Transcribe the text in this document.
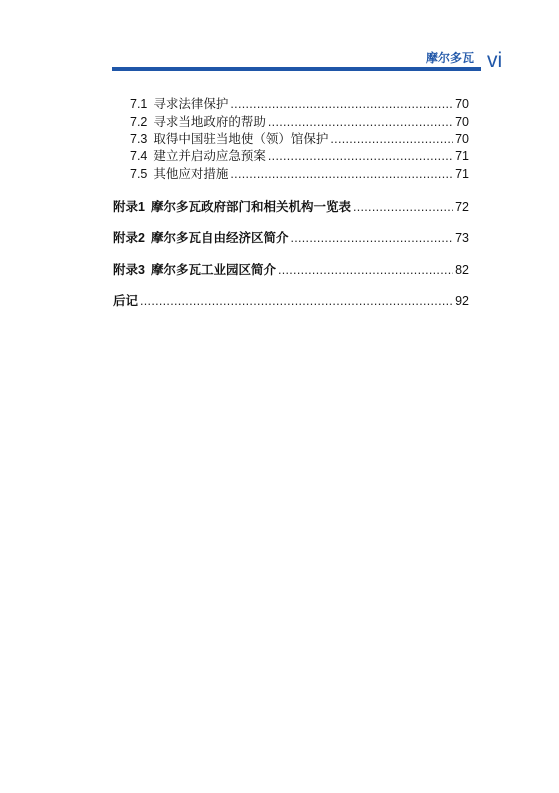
摩尔多瓦 vi
7.1 寻求法律保护 .....	70
7.2 寻求当地政府的帮助 .....	70
7.3 取得中国驻当地使（领）馆保护 .....	70
7.4 建立并启动应急预案 .....	71
7.5 其他应对措施 .....	71
附录1 摩尔多瓦政府部门和相关机构一览表 .....	72
附录2 摩尔多瓦自由经济区简介 .....	73
附录3 摩尔多瓦工业园区简介 .....	82
后记 .....	92
